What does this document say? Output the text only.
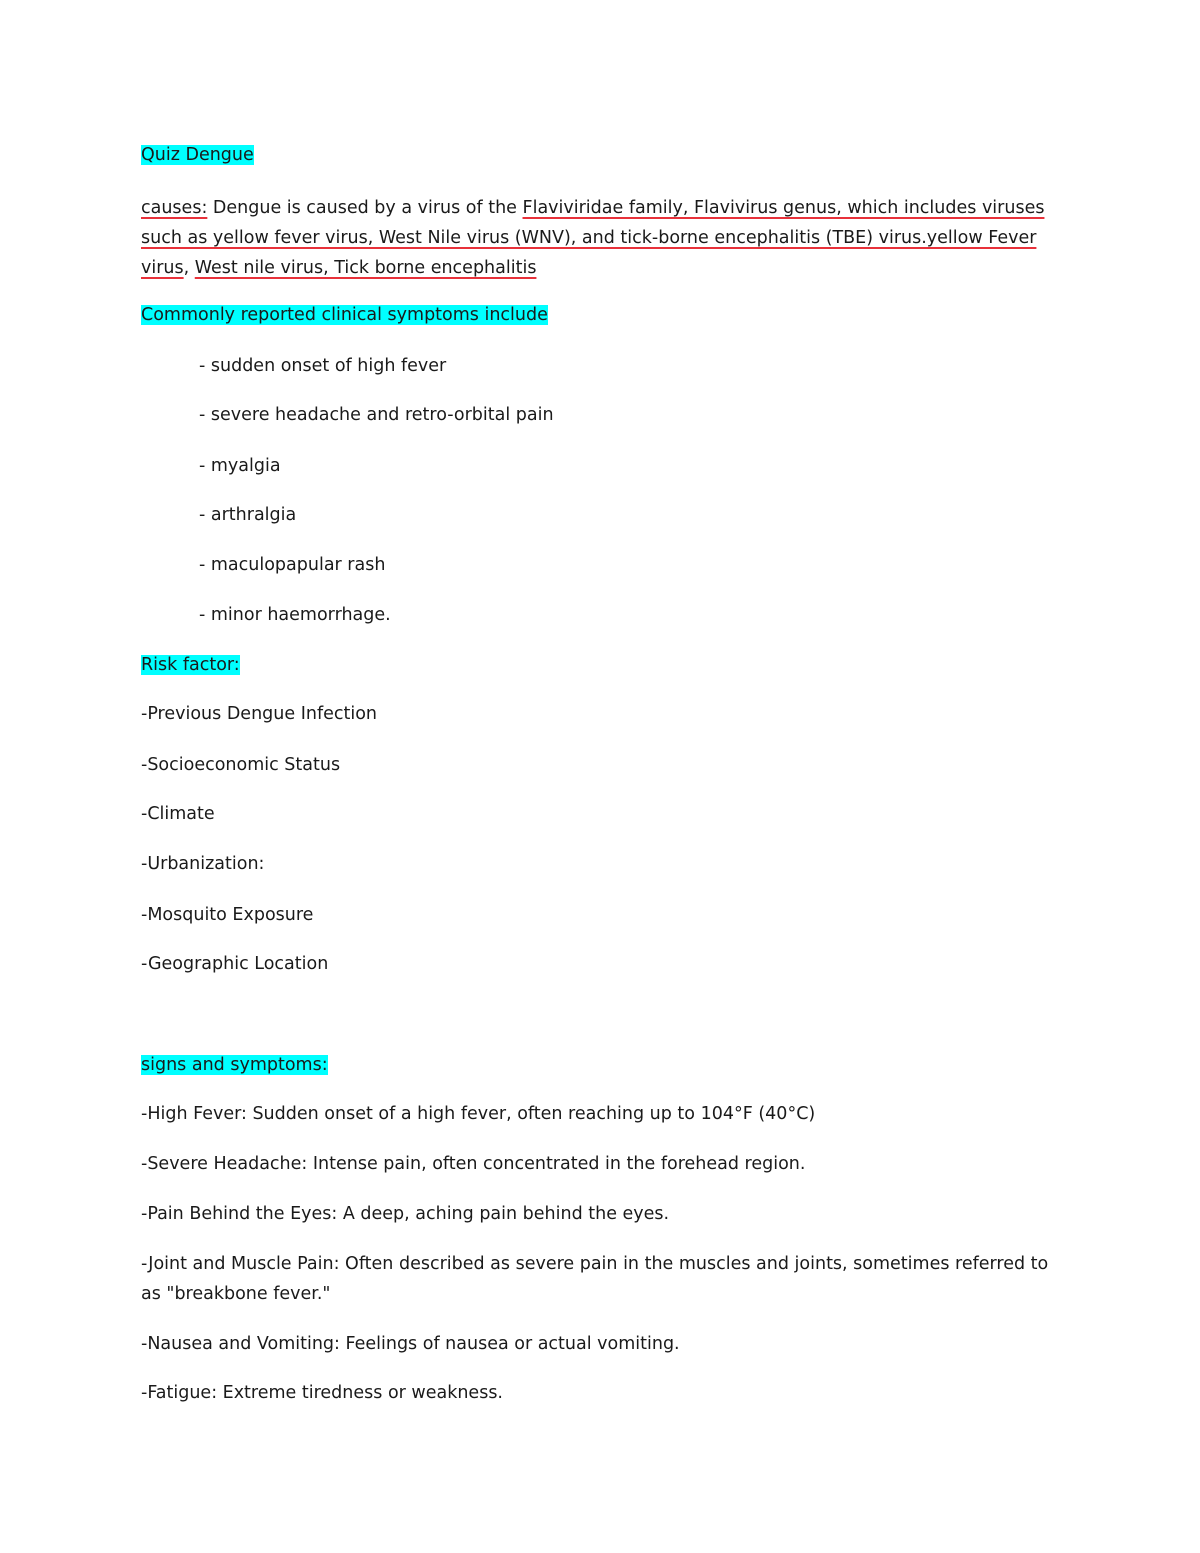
Quiz Dengue
causes: Dengue is caused by a virus of the Flaviviridae family, Flavivirus genus, which includes viruses
such as yellow fever virus, West Nile virus (WNV), and tick-borne encephalitis (TBE) virus.yellow Fever
virus, West nile virus, Tick borne encephalitis
Commonly reported clinical symptoms include
- sudden onset of high fever
- severe headache and retro-orbital pain
- myalgia
- arthralgia
- maculopapular rash
- minor haemorrhage.
Risk factor:
-Previous Dengue Infection
-Socioeconomic Status
-Climate
-Urbanization:
-Mosquito Exposure
-Geographic Location
signs and symptoms:
-High Fever: Sudden onset of a high fever, often reaching up to 104°F (40°C)
-Severe Headache: Intense pain, often concentrated in the forehead region.
-Pain Behind the Eyes: A deep, aching pain behind the eyes.
-Joint and Muscle Pain: Often described as severe pain in the muscles and joints, sometimes referred to
as "breakbone fever."
-Nausea and Vomiting: Feelings of nausea or actual vomiting.
-Fatigue: Extreme tiredness or weakness.
